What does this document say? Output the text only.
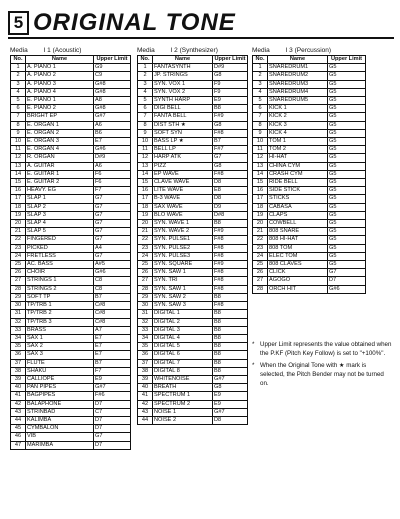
5 ORIGINAL TONE
Media I 1 (Acoustic)
No.	Name	Upper Limit
1	A. PIANO 1	G9
2	A. PIANO 2	C9
3	A. PIANO 3	G#8
4	A. PIANO 4	G#8
5	E. PIANO 1	A8
6	E. PIANO 2	G#8
7	BRIGHT EP	G#7
8	E. ORGAN 1	A6
9	E. ORGAN 2	B6
10	E. ORGAN 3	E7
11	E. ORGAN 4	G#6
12	R. ORGAN	D#9
13	A. GUITAR	A6
14	E. GUITAR 1	F6
15	E. GUITAR 2	F6
16	HEAVY. EG	F7
17	SLAP 1	G7
18	SLAP 2	G7
19	SLAP 3	G7
20	SLAP 4	G7
21	SLAP 5	G7
22	FINGERED	G7
23	PICKED	A4
24	FRETLESS	G7
25	AC. BASS	A#5
26	CHOIR	G#6
27	STRINGS 1	C8
28	STRINGS 2	C8
29	SOFT TP	B7
30	TP/TRB 1	C#8
31	TP/TRB 2	C#8
32	TP/TRB 3	C#8
33	BRASS	A7
34	SAX 1	E7
35	SAX 2	E7
36	SAX 3	E7
37	FLUTE	B7
38	SHAKU	F7
39	CALLIOPE	E9
40	PAN PIPES	G#7
41	BAGPIPES	F#6
42	BALAPHONE	D7
43	STRINBAD	C7
44	KALIMBA	D7
45	CYMBALON	D7
46	VIB	G7
47	MARIMBA	D7
Media I 2 (Synthesizer)
No.	Name	Upper Limit
1	FANTASYNTH	D#9
2	JP. STRINGS	G8
3	SYN. VOX 1	F9
4	SYN. VOX 2	F9
5	SYNTH HARP	E9
6	DIGI BELL	B8
7	FANTA BELL	F#9
8	DIST STH ★	G8
9	SOFT SYN	F#8
10	BASS LP ★	B7
11	BELL LP	F#7
12	HARP ATK	G7
13	PIZZ	G8
14	EP WAVE	F#8
15	CLAVE WAVE	D8
16	LITE WAVE	E8
17	B-3 WAVE	D8
18	SAX WAVE	D9
19	BLO WAVE	D#8
20	SYN. WAVE 1	B8
21	SYN. WAVE 2	F#9
22	SYN. PULSE1	F#8
23	SYN. PULSE2	F#8
24	SYN. PULSE3	F#8
25	SYN. SQUARE	F#9
26	SYN. SAW 1	F#8
27	SYN. TRI	F#8
28	SYN. SAW 1	F#8
29	SYN. SAW 2	B8
30	SYN. SAW 3	F#8
31	DIGITAL 1	B8
32	DIGITAL 2	B8
33	DIGITAL 3	B8
34	DIGITAL 4	B8
35	DIGITAL 5	B8
36	DIGITAL 6	B8
37	DIGITAL 7	B8
38	DIGITAL 8	B8
39	WHITENOISE	G#7
40	BREATH	G8
41	SPECTRUM 1	E9
42	SPECTRUM 2	E9
43	NOISE 1	G#7
44	NOISE 2	D8
Media I 3 (Percussion)
No.	Name	Upper Limit
1	SNAREDRUM1	G5
2	SNAREDRUM2	G5
3	SNAREDRUM3	G5
4	SNAREDRUM4	G5
5	SNAREDRUM5	G5
6	KICK 1	G5
7	KICK 2	G5
8	KICK 3	G5
9	KICK 4	G5
10	TOM 1	G5
11	TOM 2	G5
12	HI-HAT	G5
13	CHINA CYM	G5
14	CRASH CYM	G5
15	RIDE BELL	G5
16	SIDE STICK	G5
17	STICKS	G5
18	CABASA	G5
19	CLAPS	G5
20	COWBELL	G5
21	808 SNARE	G5
22	808 HI-HAT	G5
23	808 TOM	G5
24	ELEC TOM	G5
25	808 CLAVES	G5
26	CLICK	G7
27	AGOGO	D7
28	ORCH HIT	G#6
* Upper Limit represents the value obtained when the P.KF (Pitch Key Follow) is set to "+100%".
* When the Original Tone with ★ mark is selected, the Pitch Bender may not be turned on.
